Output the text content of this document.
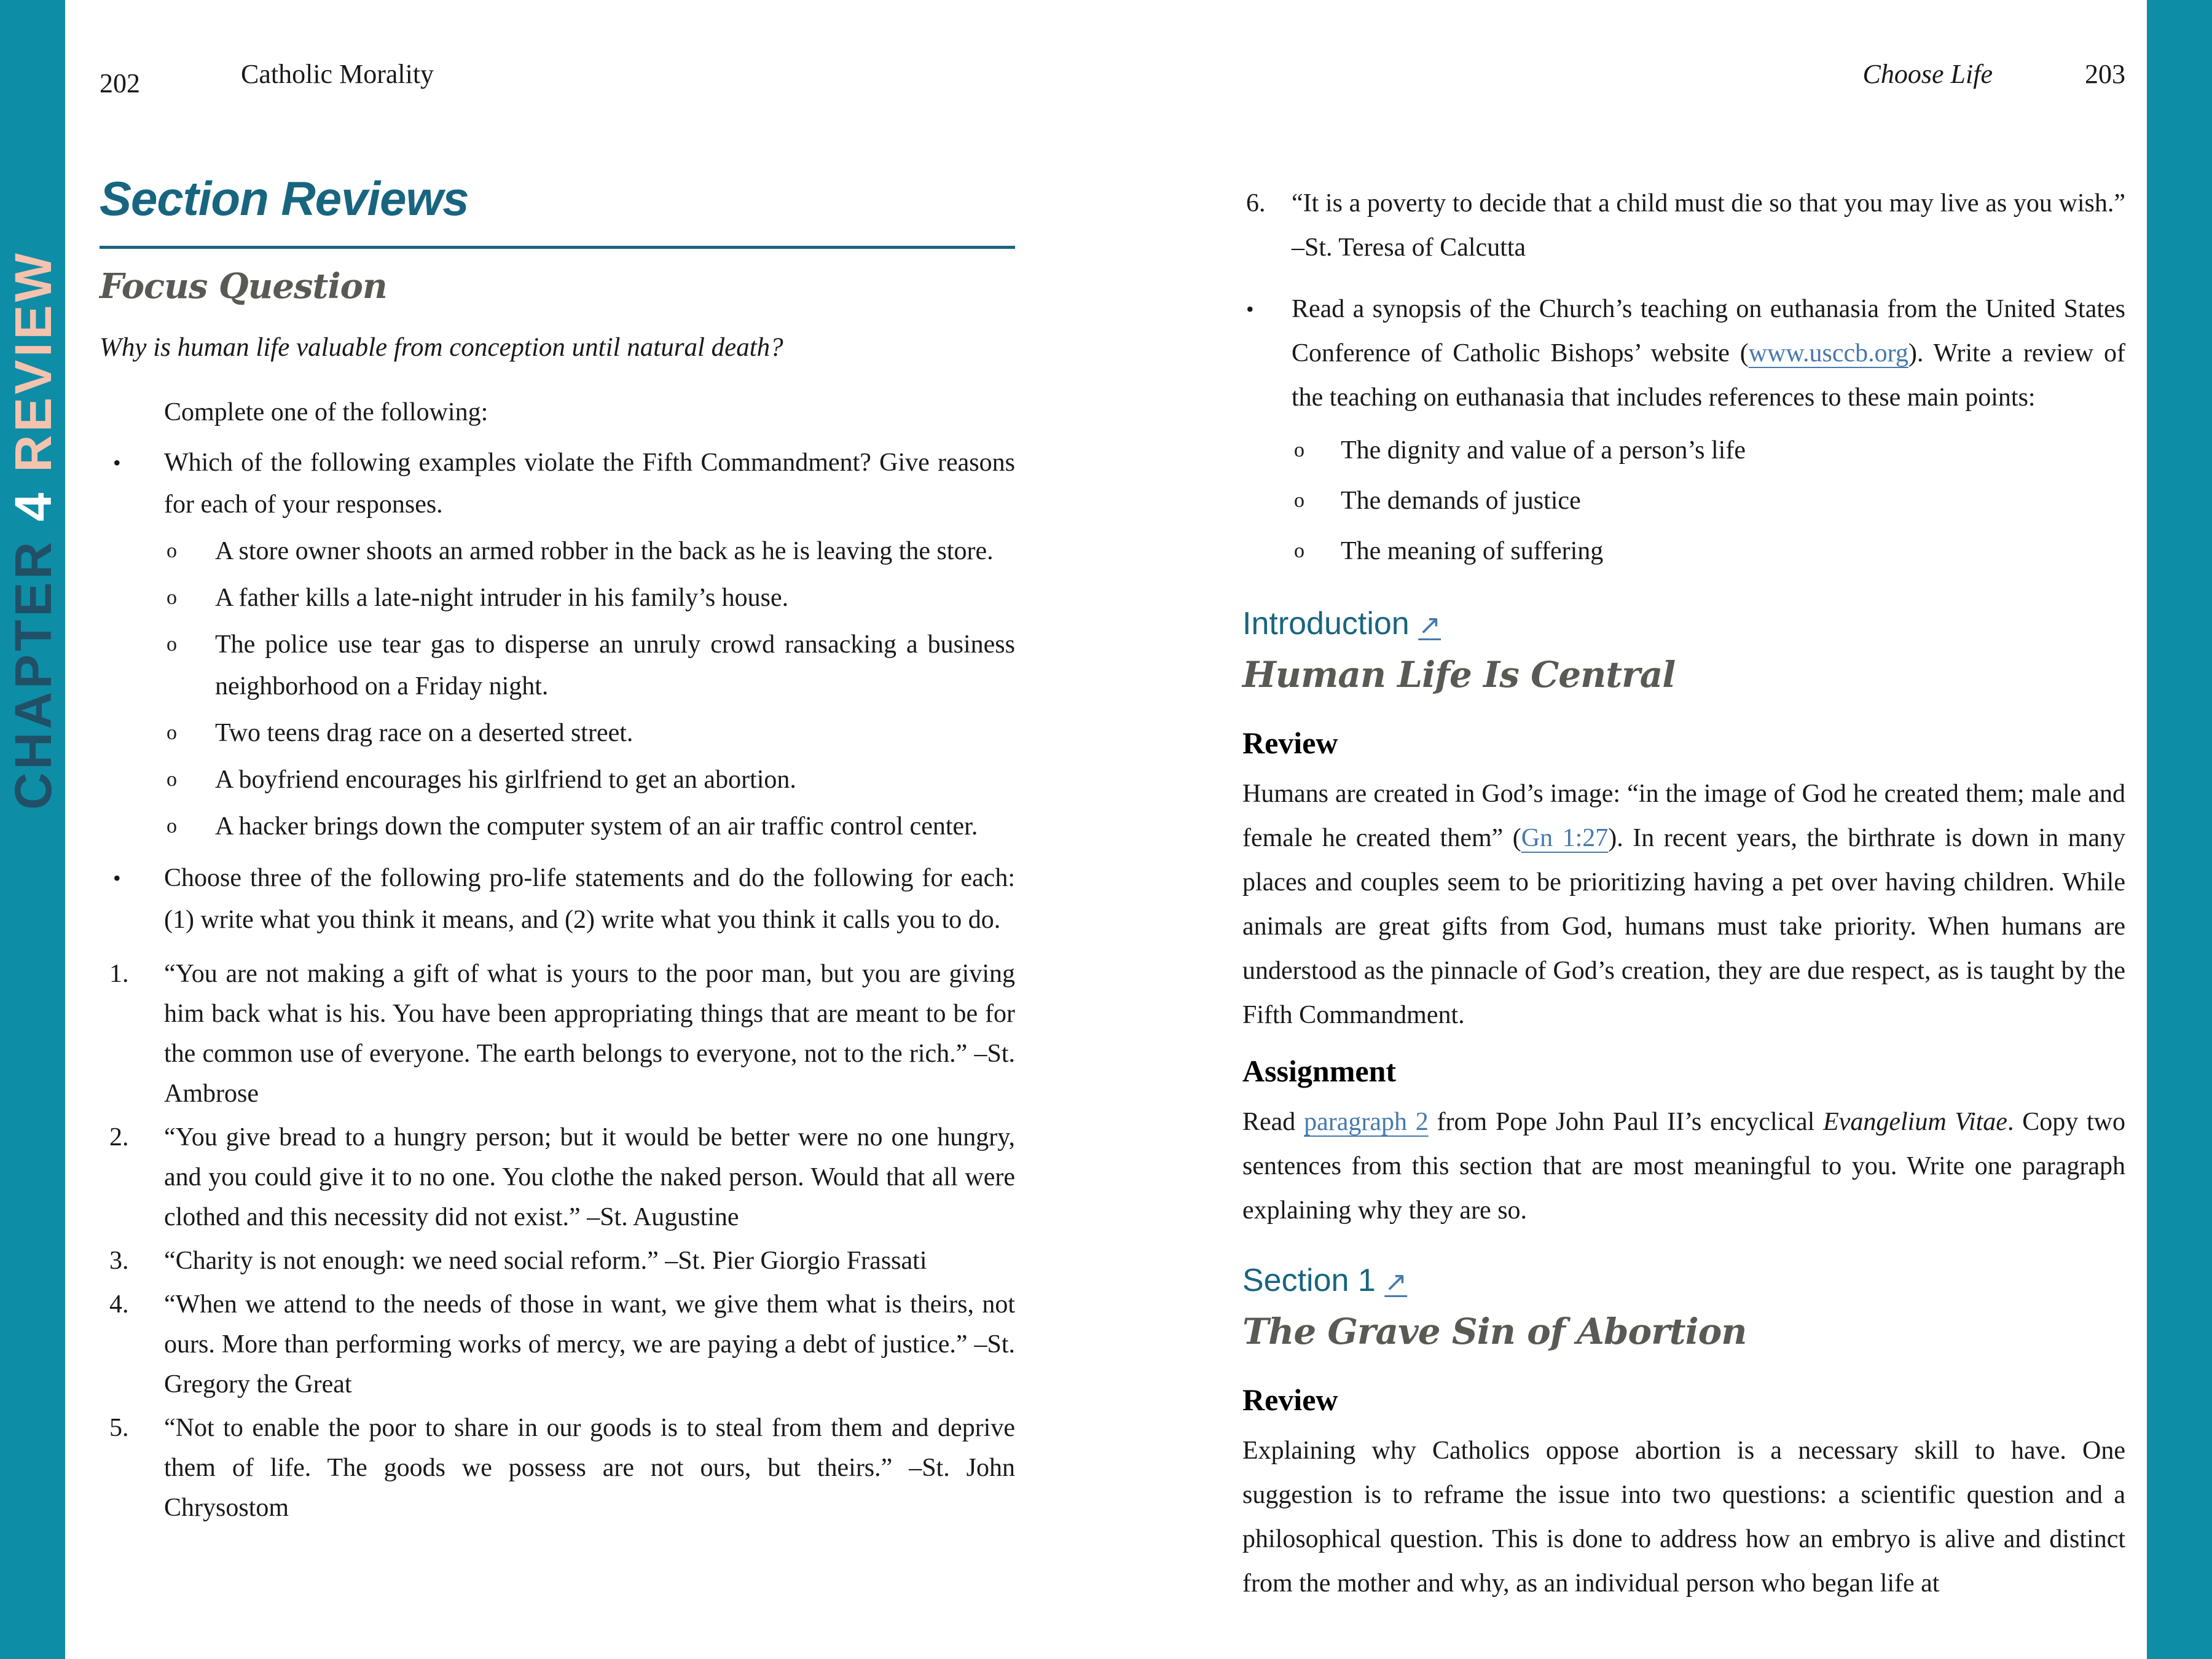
CHAPTER 4 REVIEW
202	Catholic Morality
Section Reviews
Focus Question

Why is human life valuable from conception until natural death?

Complete one of the following:

•	Which of the following examples violate the Fifth Commandment? Give reasons for each of your responses.
o	A store owner shoots an armed robber in the back as he is leaving the store.
o	A father kills a late-night intruder in his family’s house.
o	The police use tear gas to disperse an unruly crowd ransacking a business neighborhood on a Friday night.
o	Two teens drag race on a deserted street.
o	A boyfriend encourages his girlfriend to get an abortion.
o	A hacker brings down the computer system of an air traffic control center.
•	Choose three of the following pro-life statements and do the following for each: (1) write what you think it means, and (2) write what you think it calls you to do.
1.	“You are not making a gift of what is yours to the poor man, but you are giving him back what is his. You have been appropriating things that are meant to be for the common use of everyone. The earth belongs to everyone, not to the rich.” –St. Ambrose
2.	“You give bread to a hungry person; but it would be better were no one hungry, and you could give it to no one. You clothe the naked person. Would that all were clothed and this necessity did not exist.” –St. Augustine
3.	“Charity is not enough: we need social reform.” –St. Pier Giorgio Frassati
4.	“When we attend to the needs of those in want, we give them what is theirs, not ours. More than performing works of mercy, we are paying a debt of justice.” –St. Gregory the Great
5.	“Not to enable the poor to share in our goods is to steal from them and deprive them of life. The goods we possess are not ours, but theirs.” –St. John Chrysostom
Choose Life	203
6.	“It is a poverty to decide that a child must die so that you may live as you wish.” –St. Teresa of Calcutta
•	Read a synopsis of the Church’s teaching on euthanasia from the United States Conference of Catholic Bishops’ website (www.usccb.org). Write a review of the teaching on euthanasia that includes references to these main points:
o	The dignity and value of a person’s life
o	The demands of justice
o	The meaning of suffering
Introduction ↗
Human Life Is Central
Review

Humans are created in God’s image: “in the image of God he created them; male and female he created them” (Gn 1:27). In recent years, the birthrate is down in many places and couples seem to be prioritizing having a pet over having children. While animals are great gifts from God, humans must take priority. When humans are understood as the pinnacle of God’s creation, they are due respect, as is taught by the Fifth Commandment.

Assignment

Read paragraph 2 from Pope John Paul II’s encyclical Evangelium Vitae. Copy two sentences from this section that are most meaningful to you. Write one paragraph explaining why they are so.

Section 1 ↗
The Grave Sin of Abortion
Review

Explaining why Catholics oppose abortion is a necessary skill to have. One suggestion is to reframe the issue into two questions: a scientific question and a philosophical question. This is done to address how an embryo is alive and distinct from the mother and why, as an individual person who began life at
